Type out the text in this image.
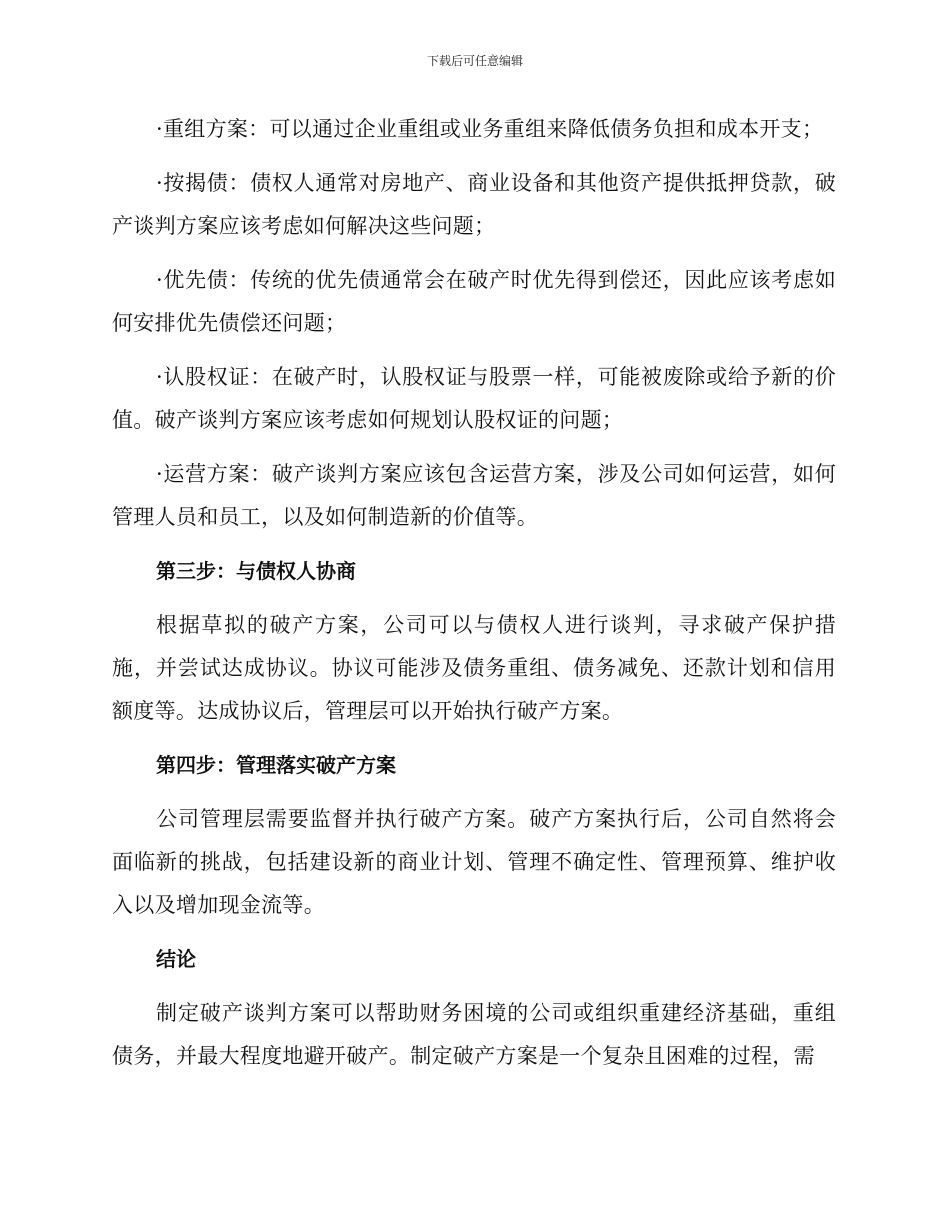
下载后可任意编辑

·重组方案：可以通过企业重组或业务重组来降低债务负担和成本开支；

·按揭债：债权人通常对房地产、商业设备和其他资产提供抵押贷款，破产谈判方案应该考虑如何解决这些问题；

·优先债：传统的优先债通常会在破产时优先得到偿还，因此应该考虑如何安排优先债偿还问题；

·认股权证：在破产时，认股权证与股票一样，可能被废除或给予新的价值。破产谈判方案应该考虑如何规划认股权证的问题；

·运营方案：破产谈判方案应该包含运营方案，涉及公司如何运营，如何管理人员和员工，以及如何制造新的价值等。

第三步：与债权人协商

根据草拟的破产方案，公司可以与债权人进行谈判，寻求破产保护措施，并尝试达成协议。协议可能涉及债务重组、债务减免、还款计划和信用额度等。达成协议后，管理层可以开始执行破产方案。

第四步：管理落实破产方案

公司管理层需要监督并执行破产方案。破产方案执行后，公司自然将会面临新的挑战，包括建设新的商业计划、管理不确定性、管理预算、维护收入以及增加现金流等。

结论

制定破产谈判方案可以帮助财务困境的公司或组织重建经济基础，重组债务，并最大程度地避开破产。制定破产方案是一个复杂且困难的过程，需
